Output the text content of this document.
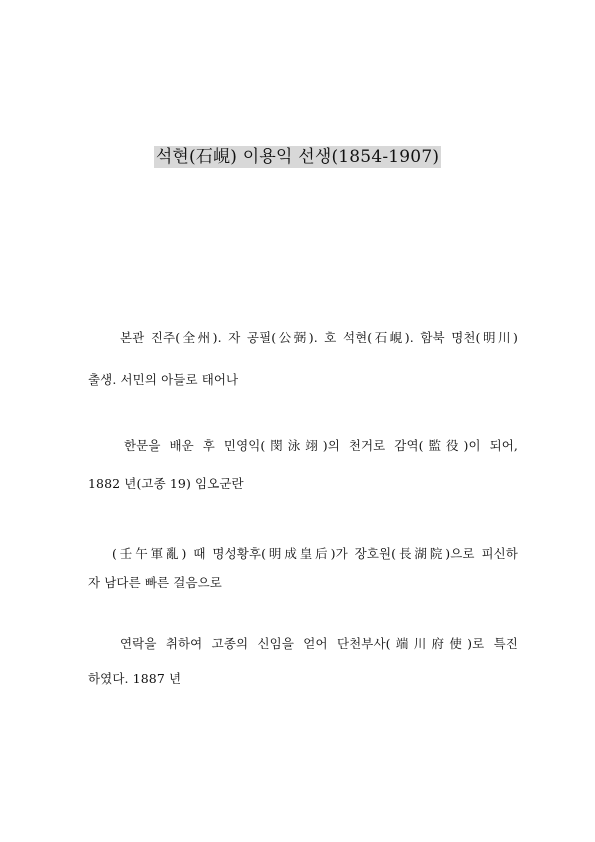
석현(石峴) 이용익 선생(1854-1907)
본관 진주(全州). 자 공필(公弼). 호 석현(石峴). 함북 명천(明川)
출생. 서민의 아들로 태어나
한문을 배운 후 민영익(閔泳翊)의 천거로 감역(監役)이 되어,
1882 년(고종 19) 임오군란
(壬午軍亂) 때 명성황후(明成皇后)가 장호원(長湖院)으로 피신하
자 남다른 빠른 걸음으로
연락을 취하여 고종의 신임을 얻어 단천부사(端川府使)로 특진
하였다. 1887 년
